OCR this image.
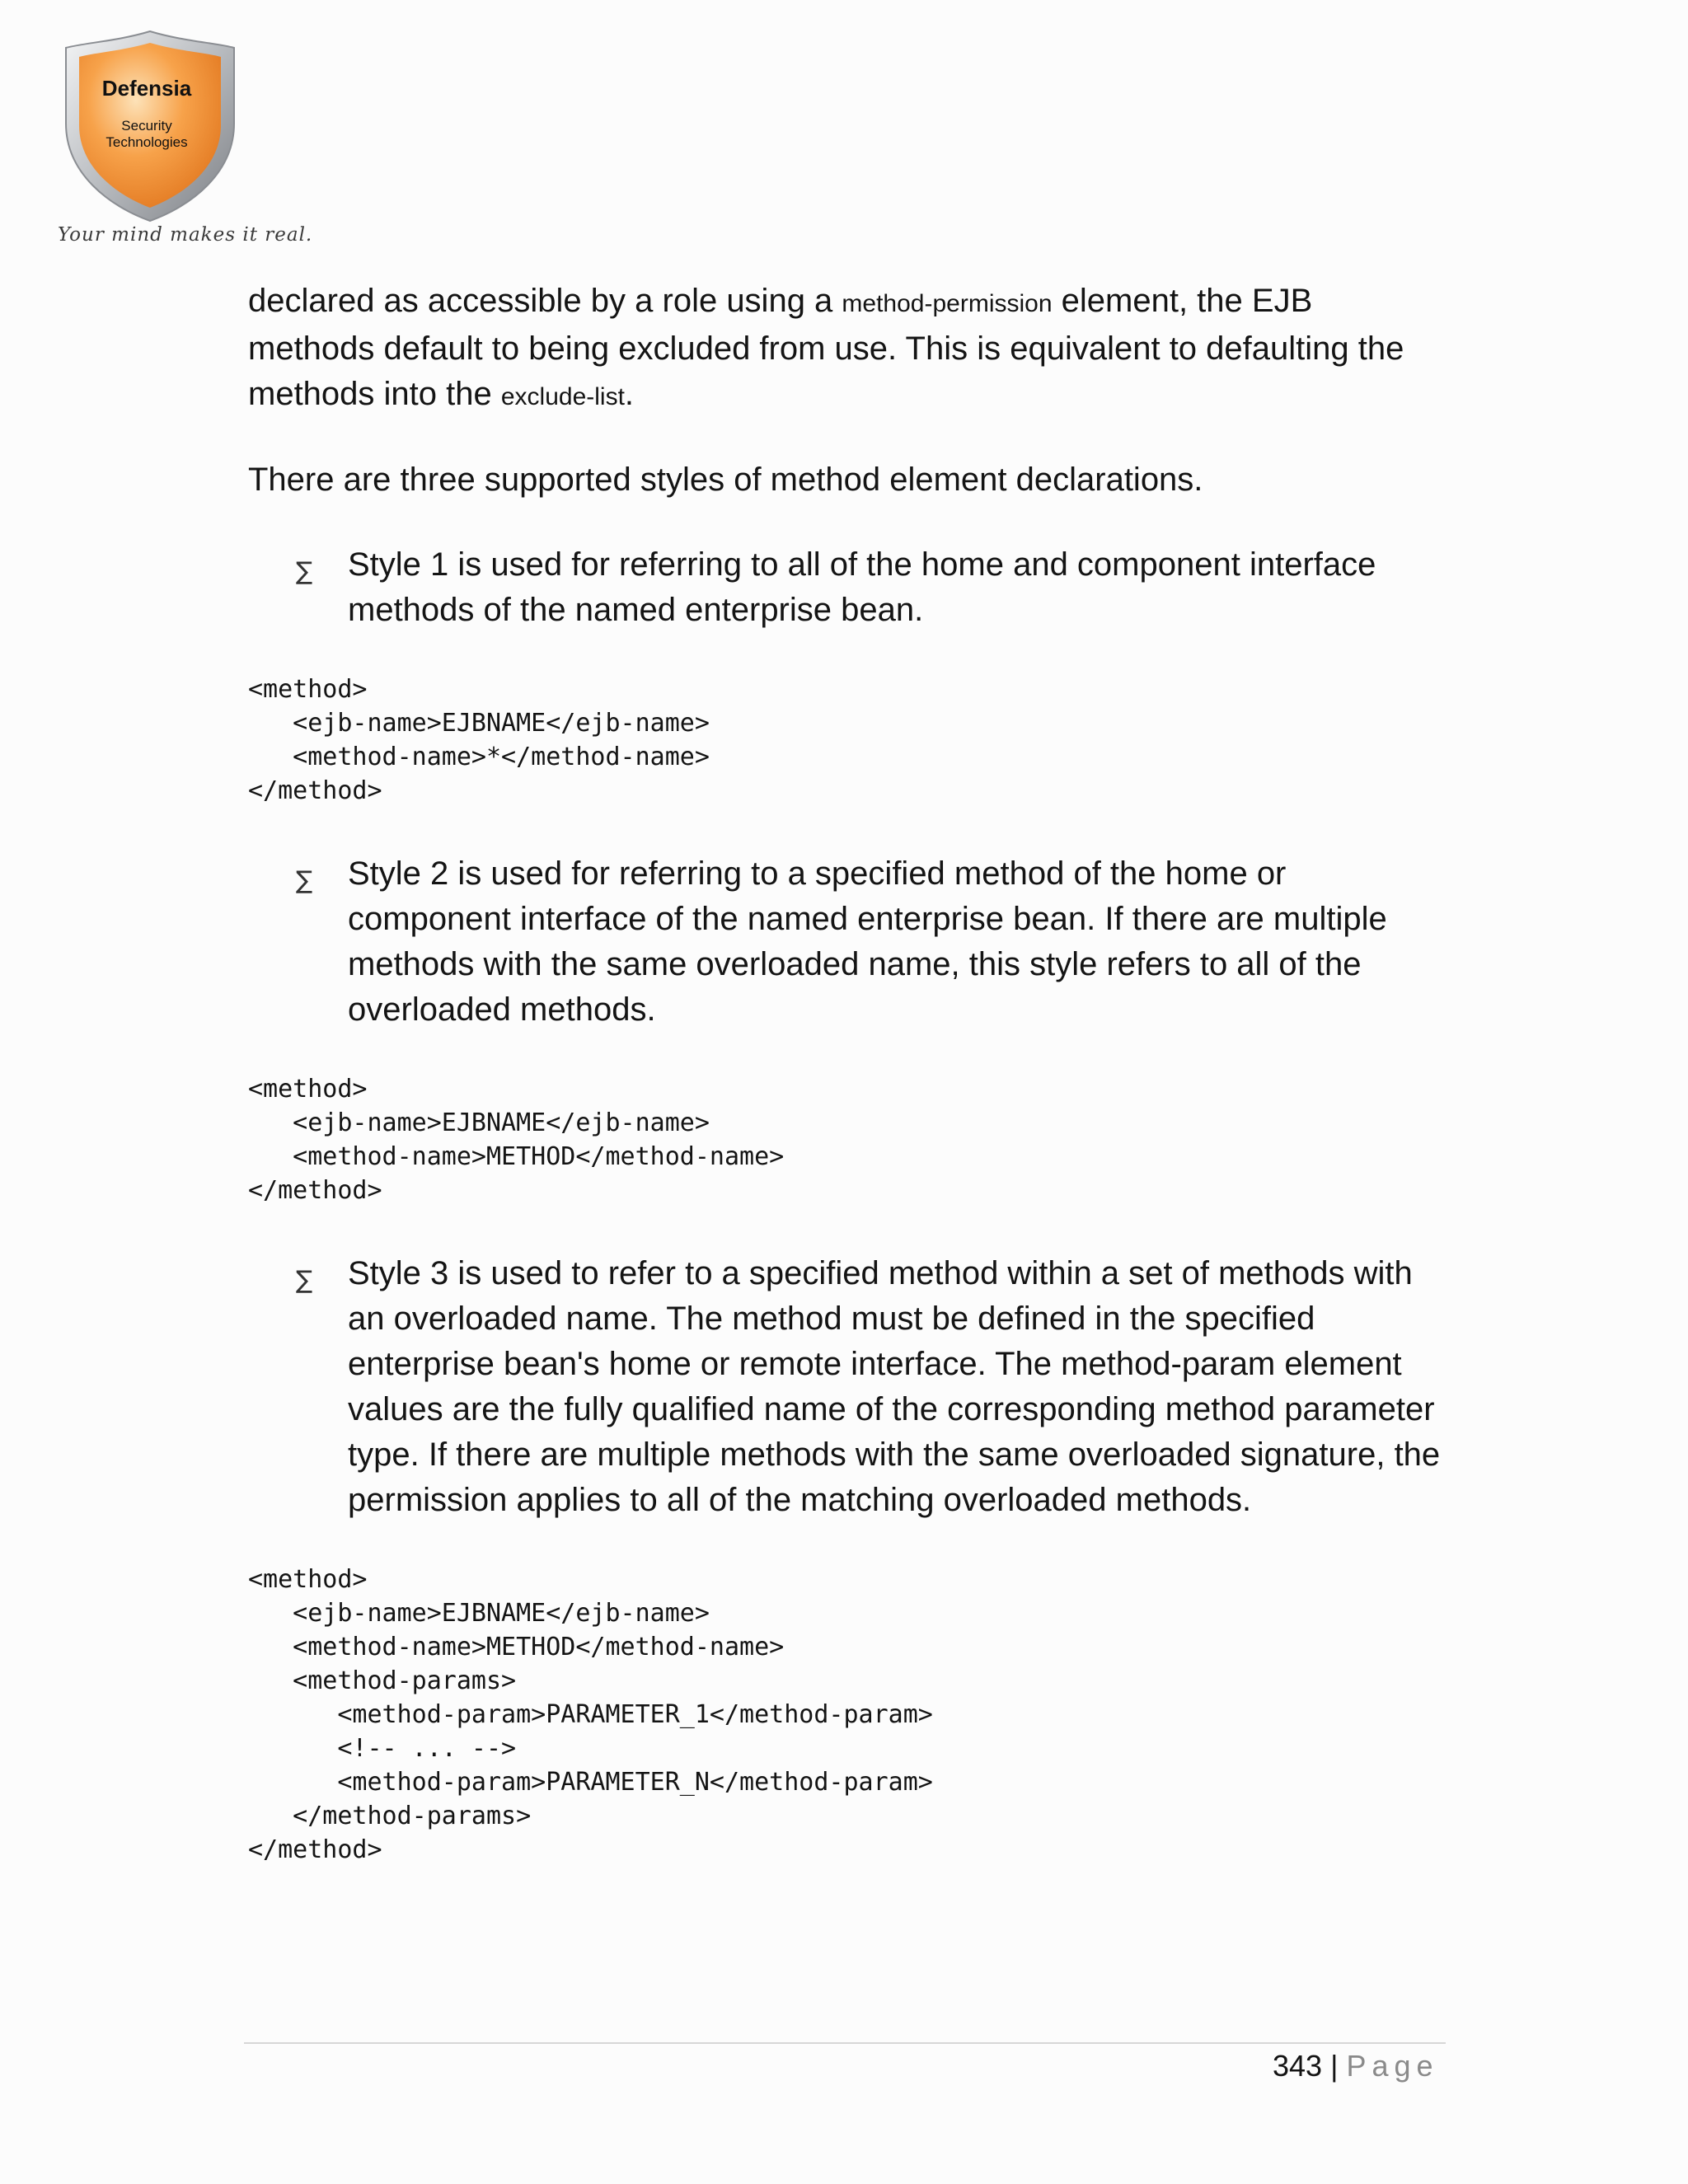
Defensia
Security
Technologies
Your mind makes it real.

declared as accessible by a role using a method-permission element, the EJB methods default to being excluded from use. This is equivalent to defaulting the methods into the exclude-list.

There are three supported styles of method element declarations.

∑ Style 1 is used for referring to all of the home and component interface methods of the named enterprise bean.

<method>
<ejb-name>EJBNAME</ejb-name>
<method-name>*</method-name>
</method>

∑ Style 2 is used for referring to a specified method of the home or component interface of the named enterprise bean. If there are multiple methods with the same overloaded name, this style refers to all of the overloaded methods.

<method>
<ejb-name>EJBNAME</ejb-name>
<method-name>METHOD</method-name>
</method>

∑ Style 3 is used to refer to a specified method within a set of methods with an overloaded name. The method must be defined in the specified enterprise bean's home or remote interface. The method-param element values are the fully qualified name of the corresponding method parameter type. If there are multiple methods with the same overloaded signature, the permission applies to all of the matching overloaded methods.

<method>
<ejb-name>EJBNAME</ejb-name>
<method-name>METHOD</method-name>
<method-params>
<method-param>PARAMETER_1</method-param>
<!-- ... -->
<method-param>PARAMETER_N</method-param>
</method-params>
</method>
343 | Page
